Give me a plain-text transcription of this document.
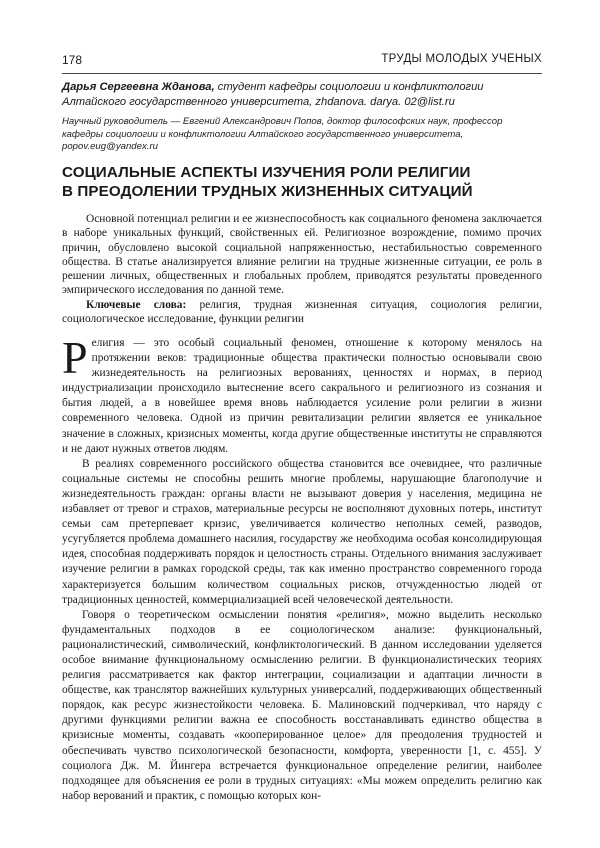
178	ТРУДЫ МОЛОДЫХ УЧЕНЫХ
Дарья Сергеевна Жданова, студент кафедры социологии и конфликтологии Алтайского государственного университета, zhdanova. darya. 02@list.ru
Научный руководитель — Евгений Александрович Попов, доктор философских наук, профессор кафедры социологии и конфликтологии Алтайского государственного университета, popov.eug@yandex.ru
СОЦИАЛЬНЫЕ АСПЕКТЫ ИЗУЧЕНИЯ РОЛИ РЕЛИГИИ
В ПРЕОДОЛЕНИИ ТРУДНЫХ ЖИЗНЕННЫХ СИТУАЦИЙ

Основной потенциал религии и ее жизнеспособность как социального феномена заключается в наборе уникальных функций, свойственных ей. Религиозное возрождение, помимо прочих причин, обусловлено высокой социальной напряженностью, нестабильностью современного общества. В статье анализируется влияние религии на трудные жизненные ситуации, ее роль в решении личных, общественных и глобальных проблем, приводятся результаты проведенного эмпирического исследования по данной теме.

Ключевые слова: религия, трудная жизненная ситуация, социология религии, социологическое исследование, функции религии

Религия — это особый социальный феномен, отношение к которому менялось на протяжении веков: традиционные общества практически полностью основывали свою жизнедеятельность на религиозных верованиях, ценностях и нормах, в период индустриализации происходило вытеснение всего сакрального и религиозного из сознания и бытия людей, а в новейшее время вновь наблюдается усиление роли религии в жизни современного человека. Одной из причин ревитализации религии является ее уникальное значение в сложных, кризисных моменты, когда другие общественные институты не справляются и не дают нужных ответов людям.

В реалиях современного российского общества становится все очевиднее, что различные социальные системы не способны решить многие проблемы, нарушающие благополучие и жизнедеятельность граждан: органы власти не вызывают доверия у населения, медицина не избавляет от тревог и страхов, материальные ресурсы не восполняют духовных потерь, институт семьи сам претерпевает кризис, увеличивается количество неполных семей, разводов, усугубляется проблема домашнего насилия, государству же необходима особая консолидирующая идея, способная поддерживать порядок и целостность страны. Отдельного внимания заслуживает изучение религии в рамках городской среды, так как именно пространство современного города характеризуется большим количеством социальных рисков, отчужденностью людей от традиционных ценностей, коммерциализацией всей человеческой деятельности.

Говоря о теоретическом осмыслении понятия «религия», можно выделить несколько фундаментальных подходов в ее социологическом анализе: функциональный, рационалистический, символический, конфликтологический. В данном исследовании уделяется особое внимание функциональному осмыслению религии. В функционалистических теориях религия рассматривается как фактор интеграции, социализации и адаптации личности в обществе, как транслятор важнейших культурных универсалий, поддерживающих общественный порядок, как ресурс жизнестойкости человека. Б. Малиновский подчеркивал, что наряду с другими функциями религии важна ее способность восстанавливать единство общества в кризисные моменты, создавать «кооперированное целое» для преодоления трудностей и обеспечивать чувство психологической безопасности, комфорта, уверенности [1, с. 455]. У социолога Дж. М. Йингера встречается функциональное определение религии, наиболее подходящее для объяснения ее роли в трудных ситуациях: «Мы можем определить религию как набор верований и практик, с помощью которых кон-
